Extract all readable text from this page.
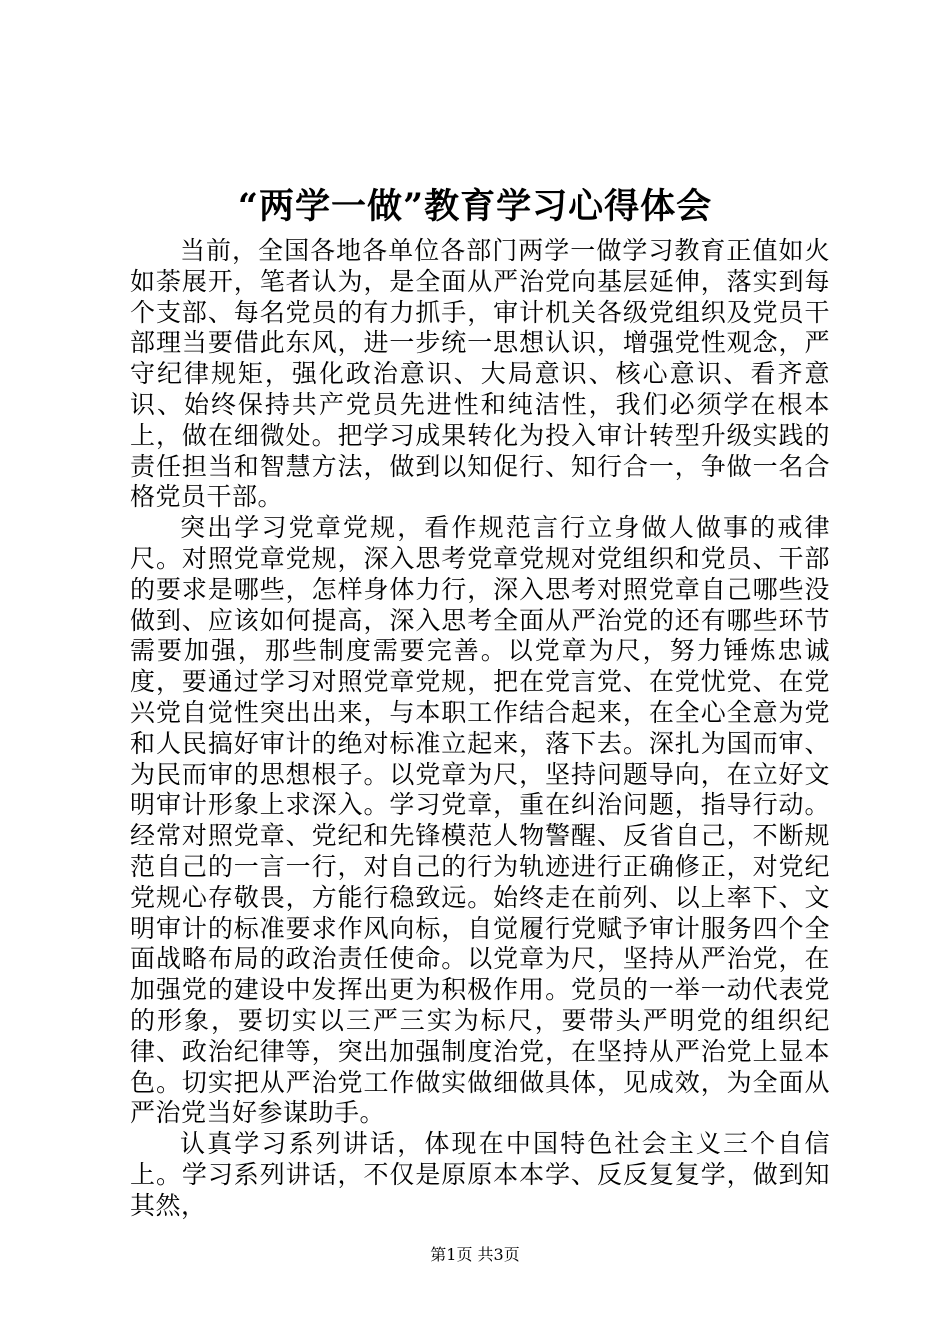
“两学一做”教育学习心得体会

当前，全国各地各单位各部门两学一做学习教育正值如火如荼展开，笔者认为，是全面从严治党向基层延伸，落实到每个支部、每名党员的有力抓手，审计机关各级党组织及党员干部理当要借此东风，进一步统一思想认识，增强党性观念，严守纪律规矩，强化政治意识、大局意识、核心意识、看齐意识、始终保持共产党员先进性和纯洁性，我们必须学在根本上，做在细微处。把学习成果转化为投入审计转型升级实践的责任担当和智慧方法，做到以知促行、知行合一，争做一名合格党员干部。

突出学习党章党规，看作规范言行立身做人做事的戒律尺。对照党章党规，深入思考党章党规对党组织和党员、干部的要求是哪些，怎样身体力行，深入思考对照党章自己哪些没做到、应该如何提高，深入思考全面从严治党的还有哪些环节需要加强，那些制度需要完善。以党章为尺，努力锤炼忠诚度，要通过学习对照党章党规，把在党言党、在党忧党、在党兴党自觉性突出出来，与本职工作结合起来，在全心全意为党和人民搞好审计的绝对标准立起来，落下去。深扎为国而审、为民而审的思想根子。以党章为尺，坚持问题导向，在立好文明审计形象上求深入。学习党章，重在纠治问题，指导行动。经常对照党章、党纪和先锋模范人物警醒、反省自己，不断规范自己的一言一行，对自己的行为轨迹进行正确修正，对党纪党规心存敬畏，方能行稳致远。始终走在前列、以上率下、文明审计的标准要求作风向标，自觉履行党赋予审计服务四个全面战略布局的政治责任使命。以党章为尺，坚持从严治党，在加强党的建设中发挥出更为积极作用。党员的一举一动代表党的形象，要切实以三严三实为标尺，要带头严明党的组织纪律、政治纪律等，突出加强制度治党，在坚持从严治党上显本色。切实把从严治党工作做实做细做具体，见成效，为全面从严治党当好参谋助手。

认真学习系列讲话，体现在中国特色社会主义三个自信上。学习系列讲话，不仅是原原本本学、反反复复学，做到知其然，

第1页 共3页
